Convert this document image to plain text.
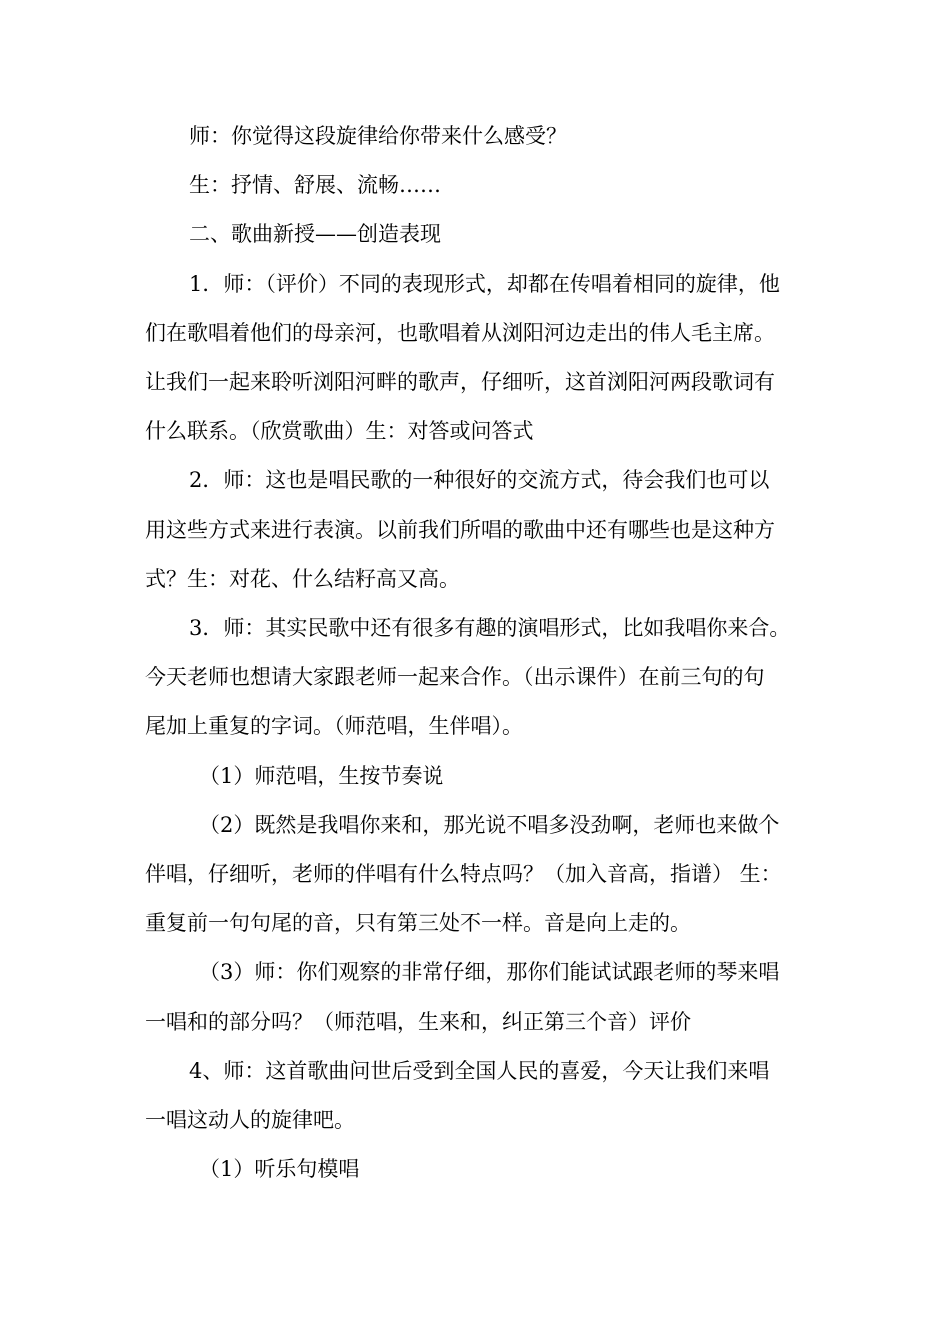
师：你觉得这段旋律给你带来什么感受？

生：抒情、舒展、流畅……

二、歌曲新授——创造表现

1．师：（评价）不同的表现形式，却都在传唱着相同的旋律，他
们在歌唱着他们的母亲河，也歌唱着从浏阳河边走出的伟人毛主席。
让我们一起来聆听浏阳河畔的歌声，仔细听，这首浏阳河两段歌词有
什么联系。（欣赏歌曲）生：对答或问答式

2．师：这也是唱民歌的一种很好的交流方式，待会我们也可以
用这些方式来进行表演。以前我们所唱的歌曲中还有哪些也是这种方
式？生：对花、什么结籽高又高。

3．师：其实民歌中还有很多有趣的演唱形式，比如我唱你来合。
今天老师也想请大家跟老师一起来合作。（出示课件）在前三句的句
尾加上重复的字词。（师范唱，生伴唱）。

（1）师范唱，生按节奏说

（2）既然是我唱你来和，那光说不唱多没劲啊，老师也来做个
伴唱，仔细听，老师的伴唱有什么特点吗？（加入音高，指谱） 生：
重复前一句句尾的音，只有第三处不一样。音是向上走的。

（3）师：你们观察的非常仔细，那你们能试试跟老师的琴来唱
一唱和的部分吗？（师范唱，生来和，纠正第三个音）评价

4、师：这首歌曲问世后受到全国人民的喜爱，今天让我们来唱
一唱这动人的旋律吧。

（1）听乐句模唱
